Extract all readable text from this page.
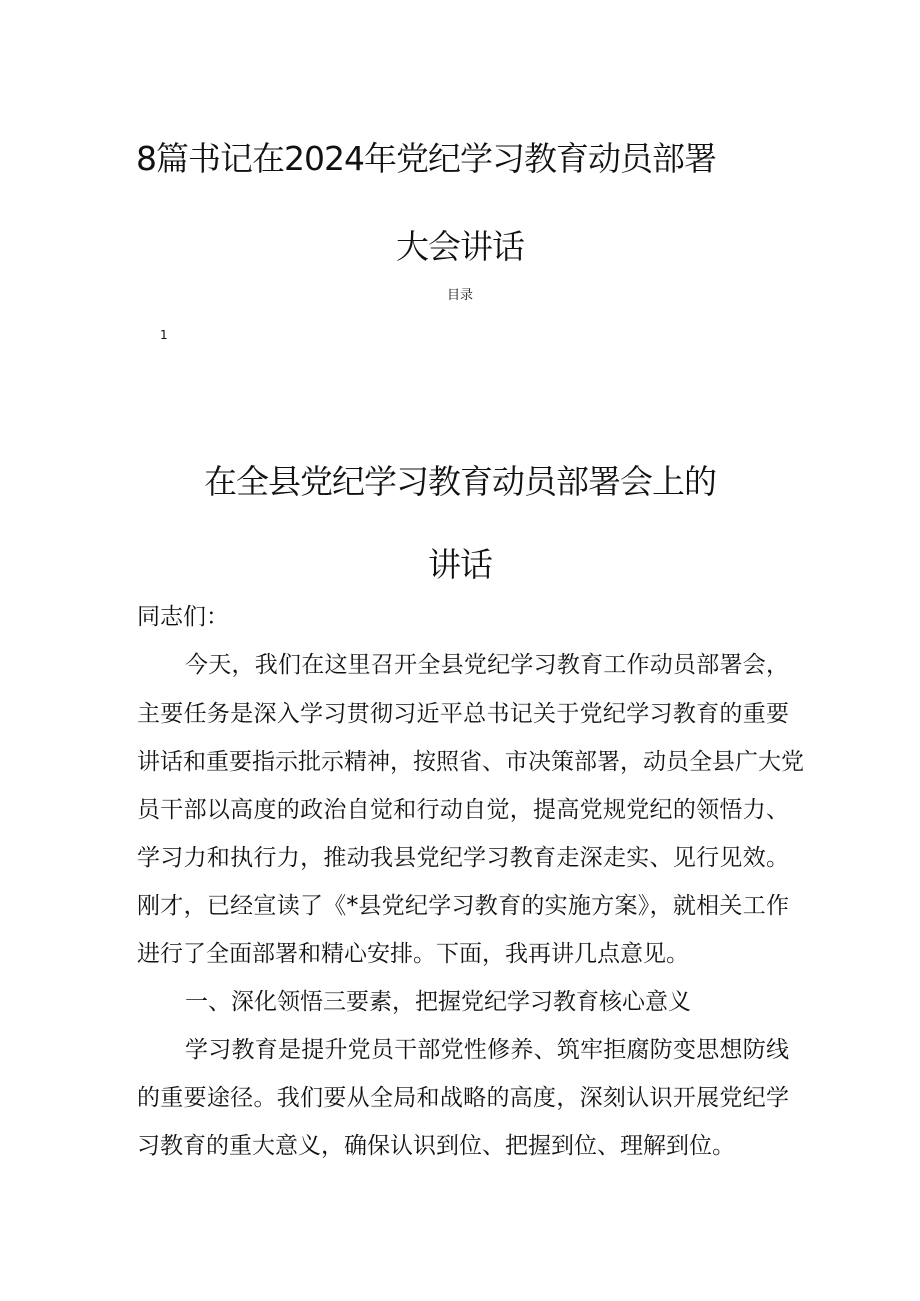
8篇书记在2024年党纪学习教育动员部署
大会讲话
目录
1
在全县党纪学习教育动员部署会上的
讲话
同志们：
今天，我们在这里召开全县党纪学习教育工作动员部署会，
主要任务是深入学习贯彻习近平总书记关于党纪学习教育的重要
讲话和重要指示批示精神，按照省、市决策部署，动员全县广大党
员干部以高度的政治自觉和行动自觉，提高党规党纪的领悟力、
学习力和执行力，推动我县党纪学习教育走深走实、见行见效。
刚才，已经宣读了《*县党纪学习教育的实施方案》，就相关工作
进行了全面部署和精心安排。下面，我再讲几点意见。
一、深化领悟三要素，把握党纪学习教育核心意义
学习教育是提升党员干部党性修养、筑牢拒腐防变思想防线
的重要途径。我们要从全局和战略的高度，深刻认识开展党纪学
习教育的重大意义，确保认识到位、把握到位、理解到位。
